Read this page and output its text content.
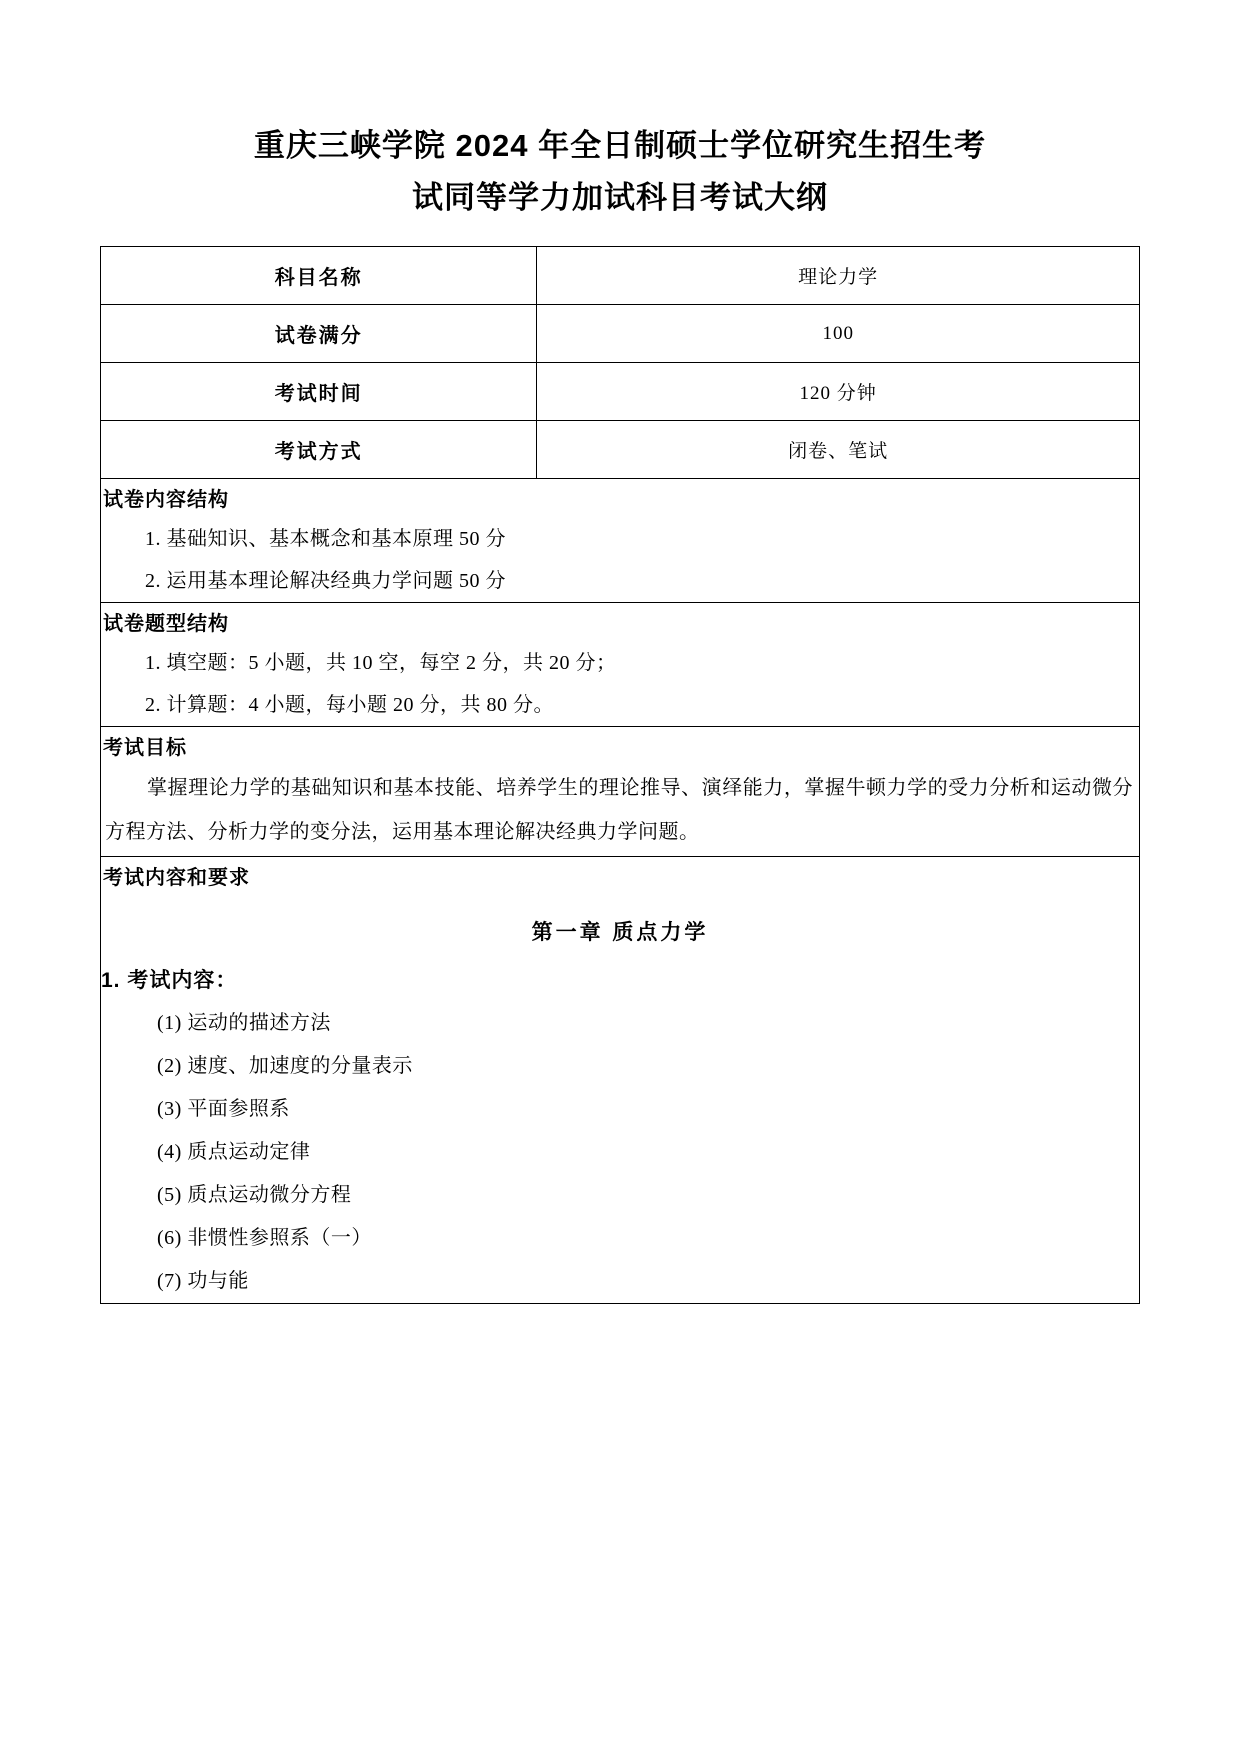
重庆三峡学院 2024 年全日制硕士学位研究生招生考
试同等学力加试科目考试大纲
科目名称	理论力学
试卷满分	100
考试时间	120 分钟
考试方式	闭卷、笔试

试卷内容结构
1. 基础知识、基本概念和基本原理 50 分
2. 运用基本理论解决经典力学问题 50 分	

试卷题型结构
1. 填空题：5 小题，共 10 空，每空 2 分，共 20 分；
2. 计算题：4 小题，每小题 20 分，共 80 分。	

考试目标
掌握理论力学的基础知识和基本技能、培养学生的理论推导、演绎能力，掌握牛顿力学的受力分析和运动微分方程方法、分析力学的变分法，运用基本理论解决经典力学问题。	

考试内容和要求
第一章 质点力学
1. 考试内容：
(1) 运动的描述方法
(2) 速度、加速度的分量表示
(3) 平面参照系
(4) 质点运动定律
(5) 质点运动微分方程
(6) 非惯性参照系（一）
(7) 功与能
